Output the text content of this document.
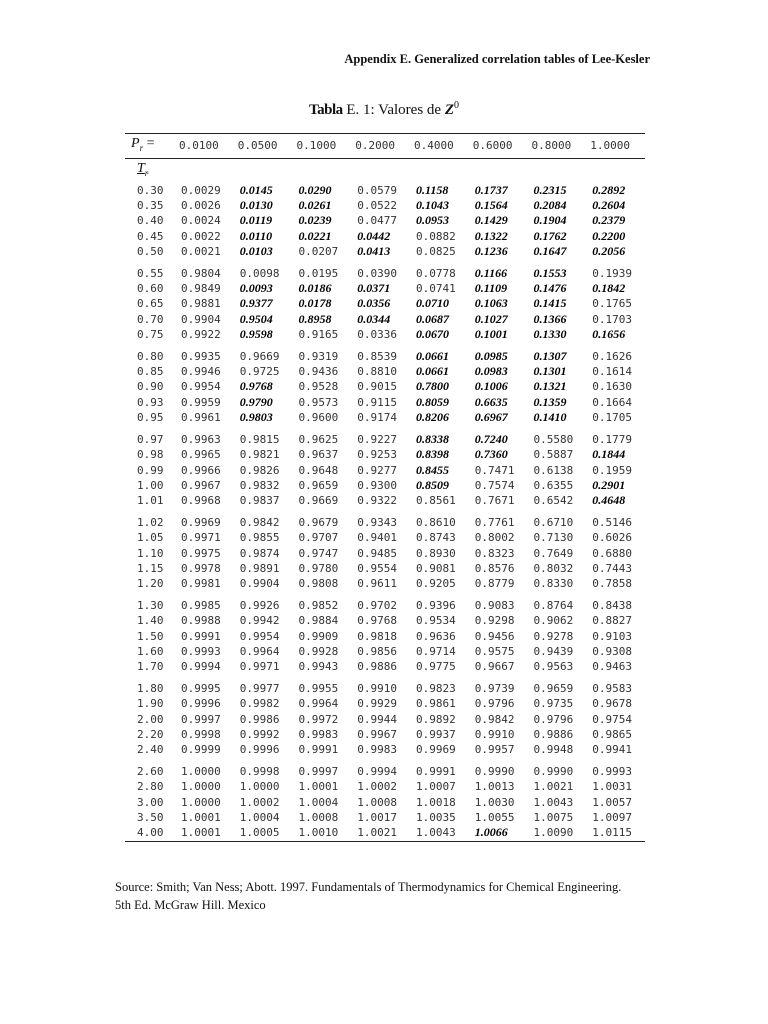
Appendix E. Generalized correlation tables of Lee-Kesler
Tabla E. 1: Valores de $Z^0$
$P_r$ =	0.0100	0.0500	0.1000	0.2000	0.4000	0.6000	0.8000	1.0000
$T_r$								
0.30	0.0029	0.0145	0.0290	0.0579	0.1158	0.1737	0.2315	0.2892
0.35	0.0026	0.0130	0.0261	0.0522	0.1043	0.1564	0.2084	0.2604
0.40	0.0024	0.0119	0.0239	0.0477	0.0953	0.1429	0.1904	0.2379
0.45	0.0022	0.0110	0.0221	0.0442	0.0882	0.1322	0.1762	0.2200
0.50	0.0021	0.0103	0.0207	0.0413	0.0825	0.1236	0.1647	0.2056
0.55	0.9804	0.0098	0.0195	0.0390	0.0778	0.1166	0.1553	0.1939
0.60	0.9849	0.0093	0.0186	0.0371	0.0741	0.1109	0.1476	0.1842
0.65	0.9881	0.9377	0.0178	0.0356	0.0710	0.1063	0.1415	0.1765
0.70	0.9904	0.9504	0.8958	0.0344	0.0687	0.1027	0.1366	0.1703
0.75	0.9922	0.9598	0.9165	0.0336	0.0670	0.1001	0.1330	0.1656
0.80	0.9935	0.9669	0.9319	0.8539	0.0661	0.0985	0.1307	0.1626
0.85	0.9946	0.9725	0.9436	0.8810	0.0661	0.0983	0.1301	0.1614
0.90	0.9954	0.9768	0.9528	0.9015	0.7800	0.1006	0.1321	0.1630
0.93	0.9959	0.9790	0.9573	0.9115	0.8059	0.6635	0.1359	0.1664
0.95	0.9961	0.9803	0.9600	0.9174	0.8206	0.6967	0.1410	0.1705
0.97	0.9963	0.9815	0.9625	0.9227	0.8338	0.7240	0.5580	0.1779
0.98	0.9965	0.9821	0.9637	0.9253	0.8398	0.7360	0.5887	0.1844
0.99	0.9966	0.9826	0.9648	0.9277	0.8455	0.7471	0.6138	0.1959
1.00	0.9967	0.9832	0.9659	0.9300	0.8509	0.7574	0.6355	0.2901
1.01	0.9968	0.9837	0.9669	0.9322	0.8561	0.7671	0.6542	0.4648
1.02	0.9969	0.9842	0.9679	0.9343	0.8610	0.7761	0.6710	0.5146
1.05	0.9971	0.9855	0.9707	0.9401	0.8743	0.8002	0.7130	0.6026
1.10	0.9975	0.9874	0.9747	0.9485	0.8930	0.8323	0.7649	0.6880
1.15	0.9978	0.9891	0.9780	0.9554	0.9081	0.8576	0.8032	0.7443
1.20	0.9981	0.9904	0.9808	0.9611	0.9205	0.8779	0.8330	0.7858
1.30	0.9985	0.9926	0.9852	0.9702	0.9396	0.9083	0.8764	0.8438
1.40	0.9988	0.9942	0.9884	0.9768	0.9534	0.9298	0.9062	0.8827
1.50	0.9991	0.9954	0.9909	0.9818	0.9636	0.9456	0.9278	0.9103
1.60	0.9993	0.9964	0.9928	0.9856	0.9714	0.9575	0.9439	0.9308
1.70	0.9994	0.9971	0.9943	0.9886	0.9775	0.9667	0.9563	0.9463
1.80	0.9995	0.9977	0.9955	0.9910	0.9823	0.9739	0.9659	0.9583
1.90	0.9996	0.9982	0.9964	0.9929	0.9861	0.9796	0.9735	0.9678
2.00	0.9997	0.9986	0.9972	0.9944	0.9892	0.9842	0.9796	0.9754
2.20	0.9998	0.9992	0.9983	0.9967	0.9937	0.9910	0.9886	0.9865
2.40	0.9999	0.9996	0.9991	0.9983	0.9969	0.9957	0.9948	0.9941
2.60	1.0000	0.9998	0.9997	0.9994	0.9991	0.9990	0.9990	0.9993
2.80	1.0000	1.0000	1.0001	1.0002	1.0007	1.0013	1.0021	1.0031
3.00	1.0000	1.0002	1.0004	1.0008	1.0018	1.0030	1.0043	1.0057
3.50	1.0001	1.0004	1.0008	1.0017	1.0035	1.0055	1.0075	1.0097
4.00	1.0001	1.0005	1.0010	1.0021	1.0043	1.0066	1.0090	1.0115
Source: Smith; Van Ness; Abott. 1997. Fundamentals of Thermodynamics for Chemical Engineering.
5th Ed. McGraw Hill. Mexico
